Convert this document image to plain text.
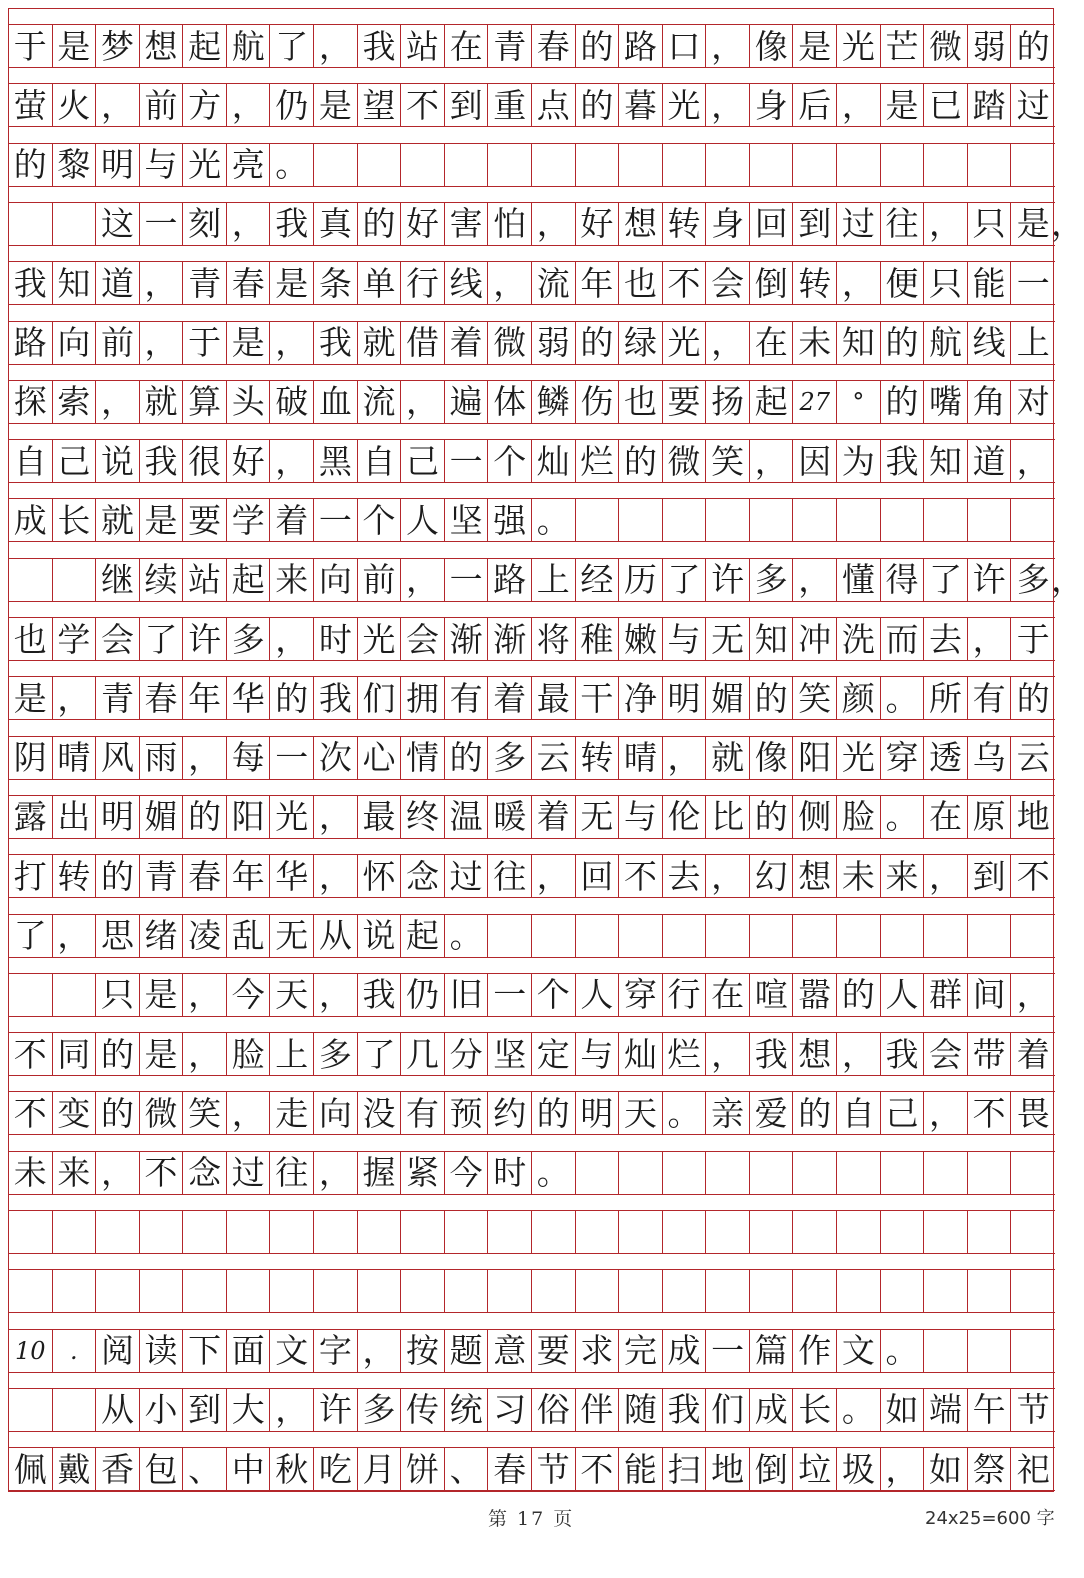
于 是 梦 想 起 航 了 ， 我 站 在 青 春 的 路 口 ， 像 是 光 芒 微 弱 的
萤 火 ， 前 方 ， 仍 是 望 不 到 重 点 的 暮 光 ， 身 后 ， 是 已 踏 过
的 黎 明 与 光 亮 。
这 一 刻 ， 我 真 的 好 害 怕 ， 好 想 转 身 回 到 过 往 ， 只 是 ，
我 知 道 ， 青 春 是 条 单 行 线 ， 流 年 也 不 会 倒 转 ， 便 只 能 一
路 向 前 ， 于 是 ， 我 就 借 着 微 弱 的 绿 光 ， 在 未 知 的 航 线 上
探 索 ， 就 算 头 破 血 流 ， 遍 体 鳞 伤 也 要 扬 起 27 ° 的 嘴 角 对
自 己 说 我 很 好 ， 黑 自 己 一 个 灿 烂 的 微 笑 ， 因 为 我 知 道 ，
成 长 就 是 要 学 着 一 个 人 坚 强 。
继 续 站 起 来 向 前 ， 一 路 上 经 历 了 许 多 ， 懂 得 了 许 多 ，
也 学 会 了 许 多 ， 时 光 会 渐 渐 将 稚 嫩 与 无 知 冲 洗 而 去 ， 于
是 ， 青 春 年 华 的 我 们 拥 有 着 最 干 净 明 媚 的 笑 颜 。 所 有 的
阴 晴 风 雨 ， 每 一 次 心 情 的 多 云 转 晴 ， 就 像 阳 光 穿 透 乌 云
露 出 明 媚 的 阳 光 ， 最 终 温 暖 着 无 与 伦 比 的 侧 脸 。 在 原 地
打 转 的 青 春 年 华 ， 怀 念 过 往 ， 回 不 去 ， 幻 想 未 来 ， 到 不
了 ， 思 绪 凌 乱 无 从 说 起 。
只 是 ， 今 天 ， 我 仍 旧 一 个 人 穿 行 在 喧 嚣 的 人 群 间 ，
不 同 的 是 ， 脸 上 多 了 几 分 坚 定 与 灿 烂 ， 我 想 ， 我 会 带 着
不 变 的 微 笑 ， 走 向 没 有 预 约 的 明 天 。 亲 爱 的 自 己 ， 不 畏
未 来 ， 不 念 过 往 ， 握 紧 今 时 。
10	. 阅 读 下 面 文 字 ， 按 题 意 要 求 完 成 一 篇 作 文 。
从 小 到 大 ， 许 多 传 统 习 俗 伴 随 我 们 成 长 。 如 端 午 节
佩 戴 香 包 、 中 秋 吃 月 饼 、 春 节 不 能 扫 地 倒 垃 圾 ， 如 祭 祀
第 17 页	24x25=600 字
